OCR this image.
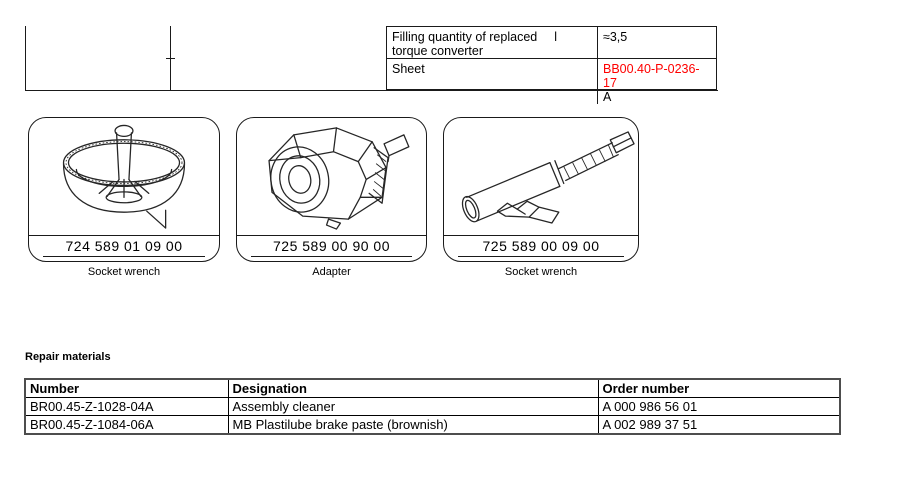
Filling quantity of replaced torque converter
l	≈3,5
Sheet	BB00.40-P-0236-17
A
724 589 01 09 00
Socket wrench
725 589 00 90 00
Adapter
725 589 00 09 00
Socket wrench
Repair materials
Number	Designation	Order number
BR00.45-Z-1028-04A	Assembly cleaner	A 000 986 56 01
BR00.45-Z-1084-06A	MB Plastilube brake paste (brownish)	A 002 989 37 51
